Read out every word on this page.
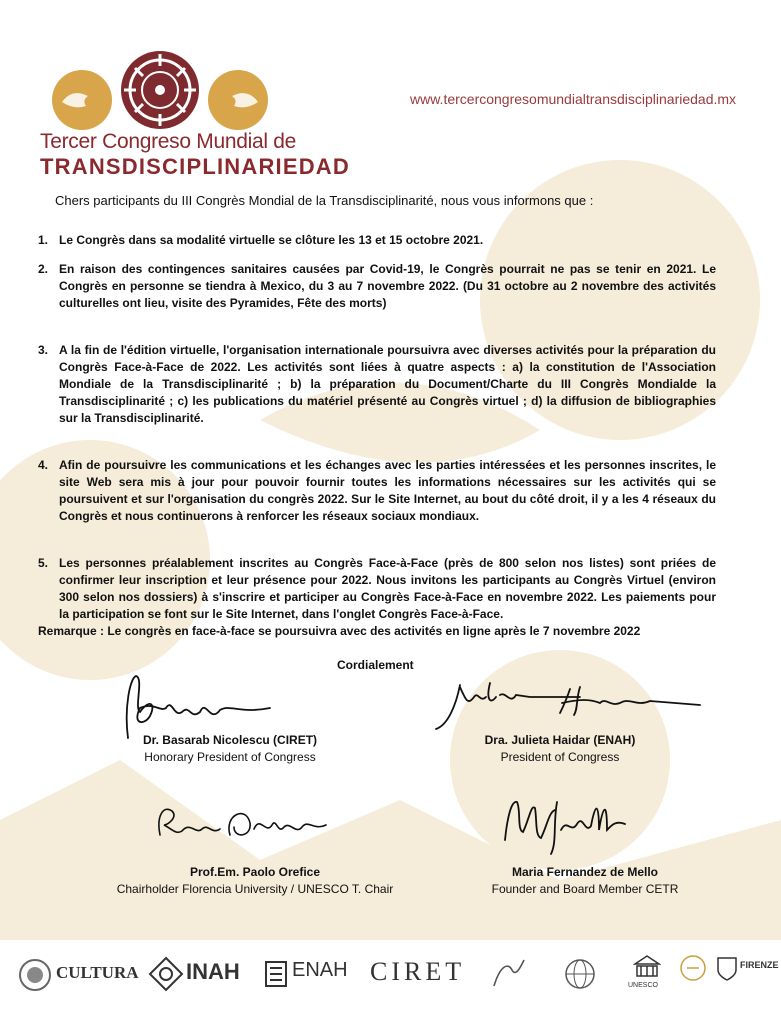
Tercer Congreso Mundial de
TRANSDISCIPLINARIEDAD
www.tercercongresomundialtransdisciplinariedad.mx
Chers participants du III Congrès Mondial de la Transdisciplinarité, nous vous informons que :
1. Le Congrès dans sa modalité virtuelle se clôture les 13 et 15 octobre 2021.
2. En raison des contingences sanitaires causées par Covid-19, le Congrès pourrait ne pas se tenir en 2021. Le Congrès en personne se tiendra à Mexico, du 3 au 7 novembre 2022. (Du 31 octobre au 2 novembre des activités culturelles ont lieu, visite des Pyramides, Fête des morts)
3. A la fin de l'édition virtuelle, l'organisation internationale poursuivra avec diverses activités pour la préparation du Congrès Face-à-Face de 2022. Les activités sont liées à quatre aspects : a) la constitution de l'Association Mondiale de la Transdisciplinarité ; b) la préparation du Document/Charte du III Congrès Mondialde la Transdisciplinarité ; c) les publications du matériel présenté au Congrès virtuel ; d) la diffusion de bibliographies sur la Transdisciplinarité.
4. Afin de poursuivre les communications et les échanges avec les parties intéressées et les personnes inscrites, le site Web sera mis à jour pour pouvoir fournir toutes les informations nécessaires sur les activités qui se poursuivent et sur l'organisation du congrès 2022. Sur le Site Internet, au bout du côté droit, il y a les 4 réseaux du Congrès et nous continuerons à renforcer les réseaux sociaux mondiaux.
5. Les personnes préalablement inscrites au Congrès Face-à-Face (près de 800 selon nos listes) sont priées de confirmer leur inscription et leur présence pour 2022. Nous invitons les participants au Congrès Virtuel (environ 300 selon nos dossiers) à s'inscrire et participer au Congrès Face-à-Face en novembre 2022. Les paiements pour la participation se font sur le Site Internet, dans l'onglet Congrès Face-à-Face.
Remarque : Le congrès en face-à-face se poursuivra avec des activités en ligne après le 7 novembre 2022
Cordialement
Dr. Basarab Nicolescu (CIRET)
Honorary President of Congress
Dra. Julieta Haidar (ENAH)
President of Congress
Prof.Em. Paolo Orefice
Chairholder Florencia University / UNESCO T. Chair
Maria Fernandez de Mello
Founder and Board Member CETR
CULTURA INAH	ENAH CIRET	UNESCO
FIRENZE
